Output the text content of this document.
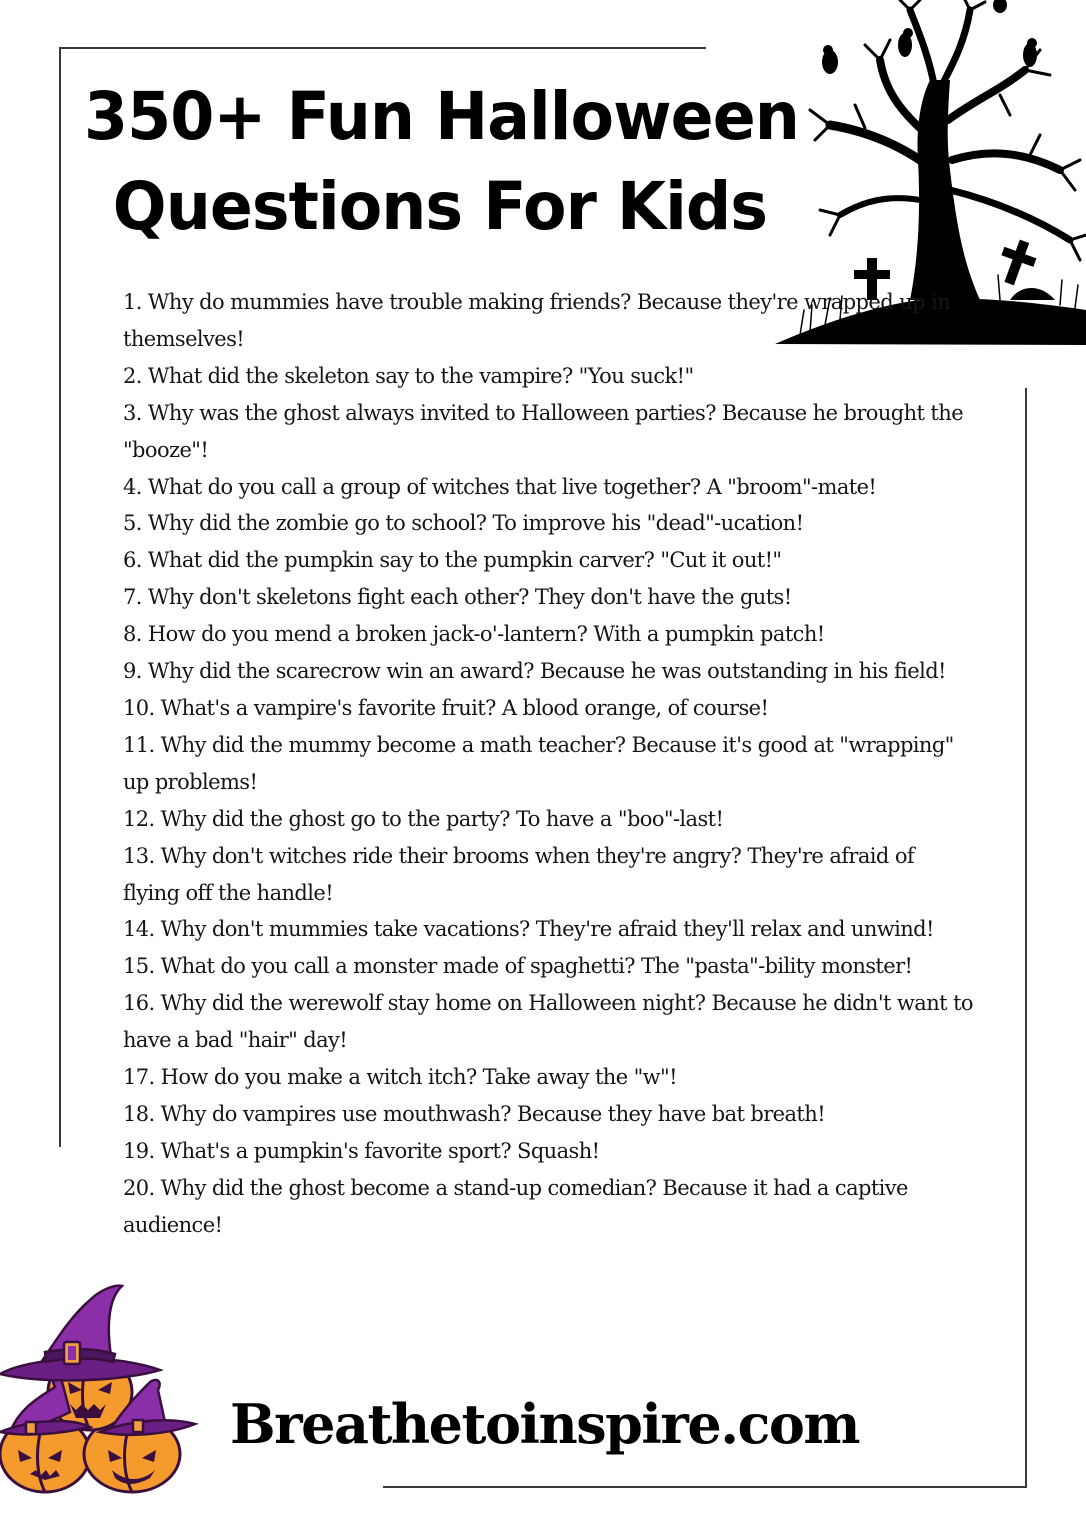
350+ Fun Halloween
Questions For Kids
1. Why do mummies have trouble making friends? Because they're wrapped up in themselves!
2. What did the skeleton say to the vampire? "You suck!"
3. Why was the ghost always invited to Halloween parties? Because he brought the "booze"!
4. What do you call a group of witches that live together? A "broom"-mate!
5. Why did the zombie go to school? To improve his "dead"-ucation!
6. What did the pumpkin say to the pumpkin carver? "Cut it out!"
7. Why don't skeletons fight each other? They don't have the guts!
8. How do you mend a broken jack-o'-lantern? With a pumpkin patch!
9. Why did the scarecrow win an award? Because he was outstanding in his field!
10. What's a vampire's favorite fruit? A blood orange, of course!
11. Why did the mummy become a math teacher? Because it's good at "wrapping" up problems!
12. Why did the ghost go to the party? To have a "boo"-last!
13. Why don't witches ride their brooms when they're angry? They're afraid of flying off the handle!
14. Why don't mummies take vacations? They're afraid they'll relax and unwind!
15. What do you call a monster made of spaghetti? The "pasta"-bility monster!
16. Why did the werewolf stay home on Halloween night? Because he didn't want to have a bad "hair" day!
17. How do you make a witch itch? Take away the "w"!
18. Why do vampires use mouthwash? Because they have bat breath!
19. What's a pumpkin's favorite sport? Squash!
20. Why did the ghost become a stand-up comedian? Because it had a captive audience!
Breathetoinspire.com
